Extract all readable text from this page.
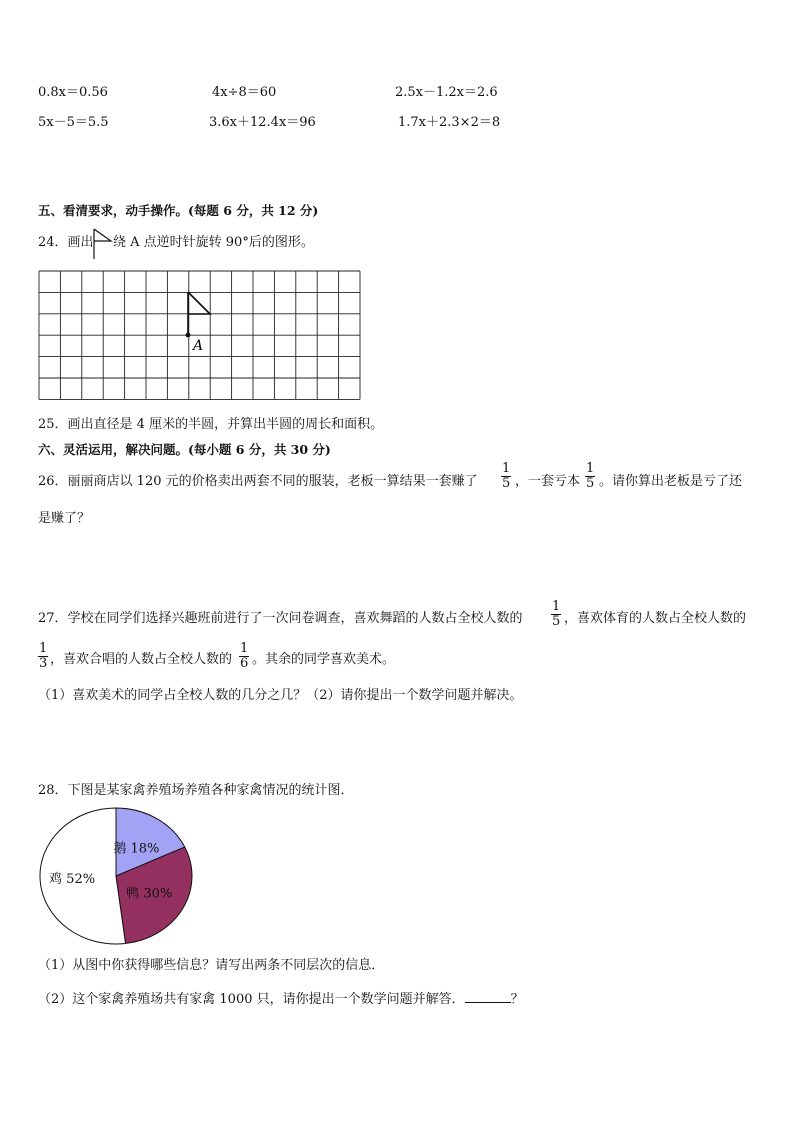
0.8x＝0.56	4x÷8＝60	2.5x－1.2x＝2.6
5x－5＝5.5	3.6x＋12.4x＝96	1.7x＋2.3×2＝8
五、看清要求，动手操作。(每题 6 分，共 12 分)
24．画出 绕 A 点逆时针旋转 90°后的图形。
A
25．画出直径是 4 厘米的半圆，并算出半圆的周长和面积。
六、灵活运用，解决问题。(每小题 6 分，共 30 分)
26．丽丽商店以 120 元的价格卖出两套不同的服装，老板一算结果一套赚了 $\frac{1}{5}$ ，一套亏本 $\frac{1}{5}$ 。请你算出老板是亏了还
是赚了？
27．学校在同学们选择兴趣班前进行了一次问卷调查，喜欢舞蹈的人数占全校人数的 $\frac{1}{5}$ ，喜欢体育的人数占全校人数的
$\frac{1}{3}$ ，喜欢合唱的人数占全校人数的 $\frac{1}{6}$ 。其余的同学喜欢美术。
（1）喜欢美术的同学占全校人数的几分之几？（2）请你提出一个数学问题并解决。
28．下图是某家禽养殖场养殖各种家禽情况的统计图．
鹅 18%
鸭 30%
鸡 52%
（1）从图中你获得哪些信息？请写出两条不同层次的信息．
（2）这个家禽养殖场共有家禽 1000 只，请你提出一个数学问题并解答．	？
